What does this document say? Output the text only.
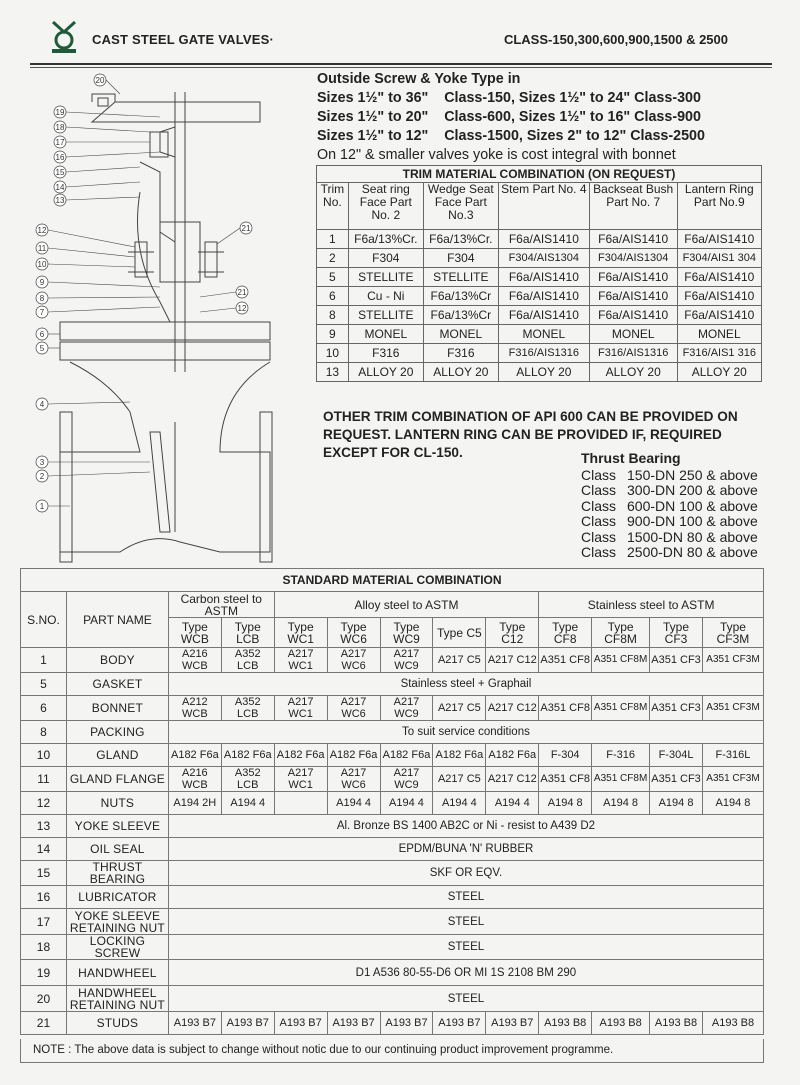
CAST STEEL GATE VALVES·	CLASS-150,300,600,900,1500 & 2500
20
19
18
17
16
15
14
13
12
11
10
9
8
7
6
5
4
3
2
1
21
21
12
Outside Screw & Yoke Type in
Sizes 1½" to 36"    Class-150, Sizes 1½" to 24" Class-300
Sizes 1½" to 20"    Class-600, Sizes 1½" to 16" Class-900
Sizes 1½" to 12"    Class-1500, Sizes 2" to 12" Class-2500
On 12" & smaller valves yoke is cost integral with bonnet
TRIM MATERIAL COMBINATION (ON REQUEST)					
Trim No.	Seat ring Face Part No. 2	Wedge Seat Face Part No.3	Stem Part No. 4	Backseat Bush Part No. 7	Lantern Ring Part No.9
1	F6a/13%Cr.	F6a/13%Cr.	F6a/AIS1410	F6a/AIS1410	F6a/AIS1410
2	F304	F304	F304/AIS1304	F304/AIS1304	F304/AIS1 304
5	STELLITE	STELLITE	F6a/AIS1410	F6a/AIS1410	F6a/AIS1410
6	Cu - Ni	F6a/13%Cr	F6a/AIS1410	F6a/AIS1410	F6a/AIS1410
8	STELLITE	F6a/13%Cr	F6a/AIS1410	F6a/AIS1410	F6a/AIS1410
9	MONEL	MONEL	MONEL	MONEL	MONEL
10	F316	F316	F316/AIS1316	F316/AIS1316	F316/AIS1 316
13	ALLOY 20	ALLOY 20	ALLOY 20	ALLOY 20	ALLOY 20
OTHER TRIM COMBINATION OF API 600 CAN BE PROVIDED ON REQUEST. LANTERN RING CAN BE PROVIDED IF, REQUIRED EXCEPT FOR CL-150.	Thrust Bearing
Class 150-DN 250 & above
Class 300-DN 200 & above
Class 600-DN 100 & above
Class 900-DN 100 & above
Class 1500-DN 80 & above
Class 2500-DN 80 & above
STANDARD MATERIAL COMBINATION												
S.NO.	PART NAME	Carbon steel to ASTM		Alloy steel to ASTM					Stainless steel to ASTM			
		Type WCB	Type LCB	Type WC1	Type WC6	Type WC9	Type C5	Type C12	Type CF8	Type CF8M	Type CF3	Type CF3M
1	BODY	A216 WCB	A352 LCB	A217 WC1	A217 WC6	A217 WC9	A217 C5	A217 C12	A351 CF8	A351 CF8M	A351 CF3	A351 CF3M
5	GASKET	Stainless steel + Graphail										
6	BONNET	A212 WCB	A352 LCB	A217 WC1	A217 WC6	A217 WC9	A217 C5	A217 C12	A351 CF8	A351 CF8M	A351 CF3	A351 CF3M
8	PACKING	To suit service conditions										
10	GLAND	A182 F6a	A182 F6a	A182 F6a	A182 F6a	A182 F6a	A182 F6a	A182 F6a	F-304	F-316	F-304L	F-316L
11	GLAND FLANGE	A216 WCB	A352 LCB	A217 WC1	A217 WC6	A217 WC9	A217 C5	A217 C12	A351 CF8	A351 CF8M	A351 CF3	A351 CF3M
12	NUTS	A194 2H	A194 4		A194 4	A194 4	A194 4	A194 4	A194 8	A194 8	A194 8	A194 8
13	YOKE SLEEVE	Al. Bronze BS 1400 AB2C or Ni - resist to A439 D2										
14	OIL SEAL	EPDM/BUNA 'N' RUBBER										
15	THRUST BEARING	SKF OR EQV.										
16	LUBRICATOR	STEEL										
17	YOKE SLEEVE RETAINING NUT	STEEL										
18	LOCKING SCREW	STEEL										
19	HANDWHEEL	D1 A536 80-55-D6 OR MI 1S 2108 BM 290										
20	HANDWHEEL RETAINING NUT	STEEL										
21	STUDS	A193 B7	A193 B7	A193 B7	A193 B7	A193 B7	A193 B7	A193 B7	A193 B8	A193 B8	A193 B8	A193 B8
NOTE : The above data is subject to change without notic due to our continuing product improvement programme.
